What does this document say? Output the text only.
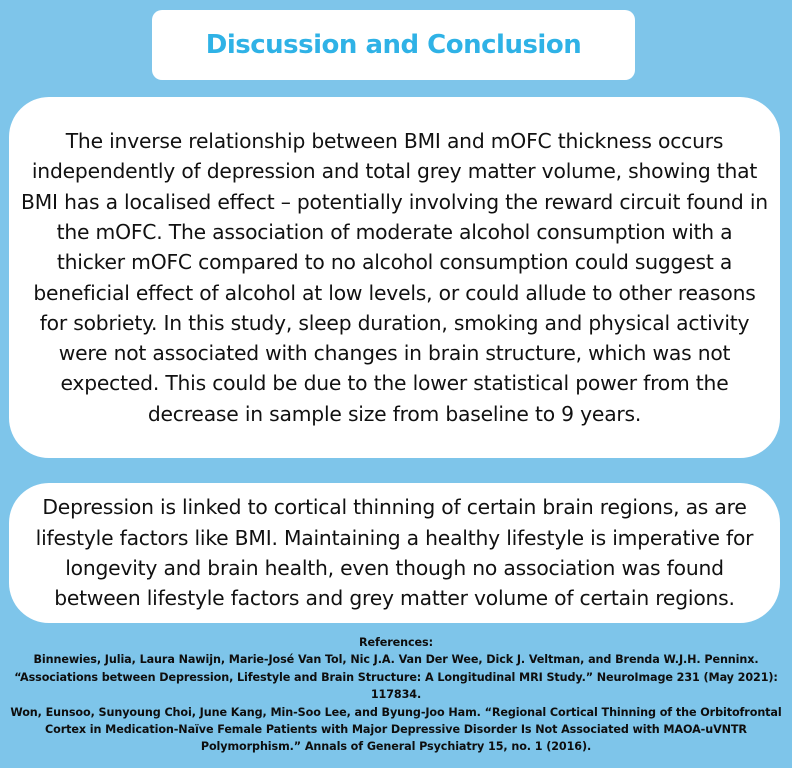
Discussion and Conclusion

The inverse relationship between BMI and mOFC thickness occurs independently of depression and total grey matter volume, showing that BMI has a localised effect – potentially involving the reward circuit found in the mOFC. The association of moderate alcohol consumption with a thicker mOFC compared to no alcohol consumption could suggest a beneficial effect of alcohol at low levels, or could allude to other reasons for sobriety. In this study, sleep duration, smoking and physical activity were not associated with changes in brain structure, which was not expected. This could be due to the lower statistical power from the decrease in sample size from baseline to 9 years.

Depression is linked to cortical thinning of certain brain regions, as are lifestyle factors like BMI. Maintaining a healthy lifestyle is imperative for longevity and brain health, even though no association was found between lifestyle factors and grey matter volume of certain regions.

References:
Binnewies, Julia, Laura Nawijn, Marie-José Van Tol, Nic J.A. Van Der Wee, Dick J. Veltman, and Brenda W.J.H. Penninx. “Associations between Depression, Lifestyle and Brain Structure: A Longitudinal MRI Study.” NeuroImage 231 (May 2021): 117834.
Won, Eunsoo, Sunyoung Choi, June Kang, Min-Soo Lee, and Byung-Joo Ham. “Regional Cortical Thinning of the Orbitofrontal Cortex in Medication-Naïve Female Patients with Major Depressive Disorder Is Not Associated with MAOA-uVNTR Polymorphism.” Annals of General Psychiatry 15, no. 1 (2016).
